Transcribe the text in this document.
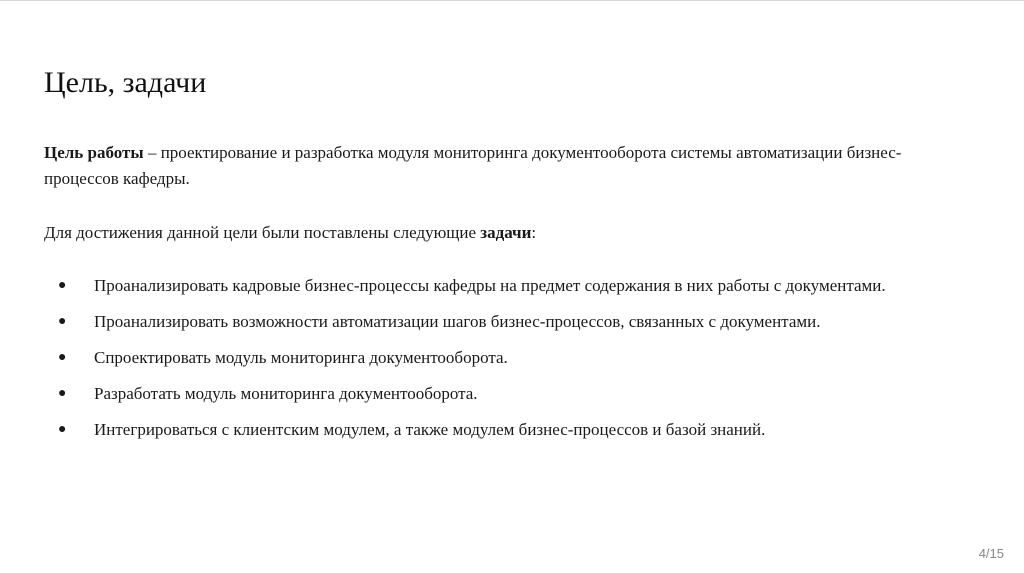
Цель, задачи
Цель работы – проектирование и разработка модуля мониторинга документооборота системы автоматизации бизнес-процессов кафедры.
Для достижения данной цели были поставлены следующие задачи:
● Проанализировать кадровые бизнес-процессы кафедры на предмет содержания в них работы с документами.
● Проанализировать возможности автоматизации шагов бизнес-процессов, связанных с документами.
● Спроектировать модуль мониторинга документооборота.
● Разработать модуль мониторинга документооборота.
● Интегрироваться с клиентским модулем, а также модулем бизнес-процессов и базой знаний.
4/15
